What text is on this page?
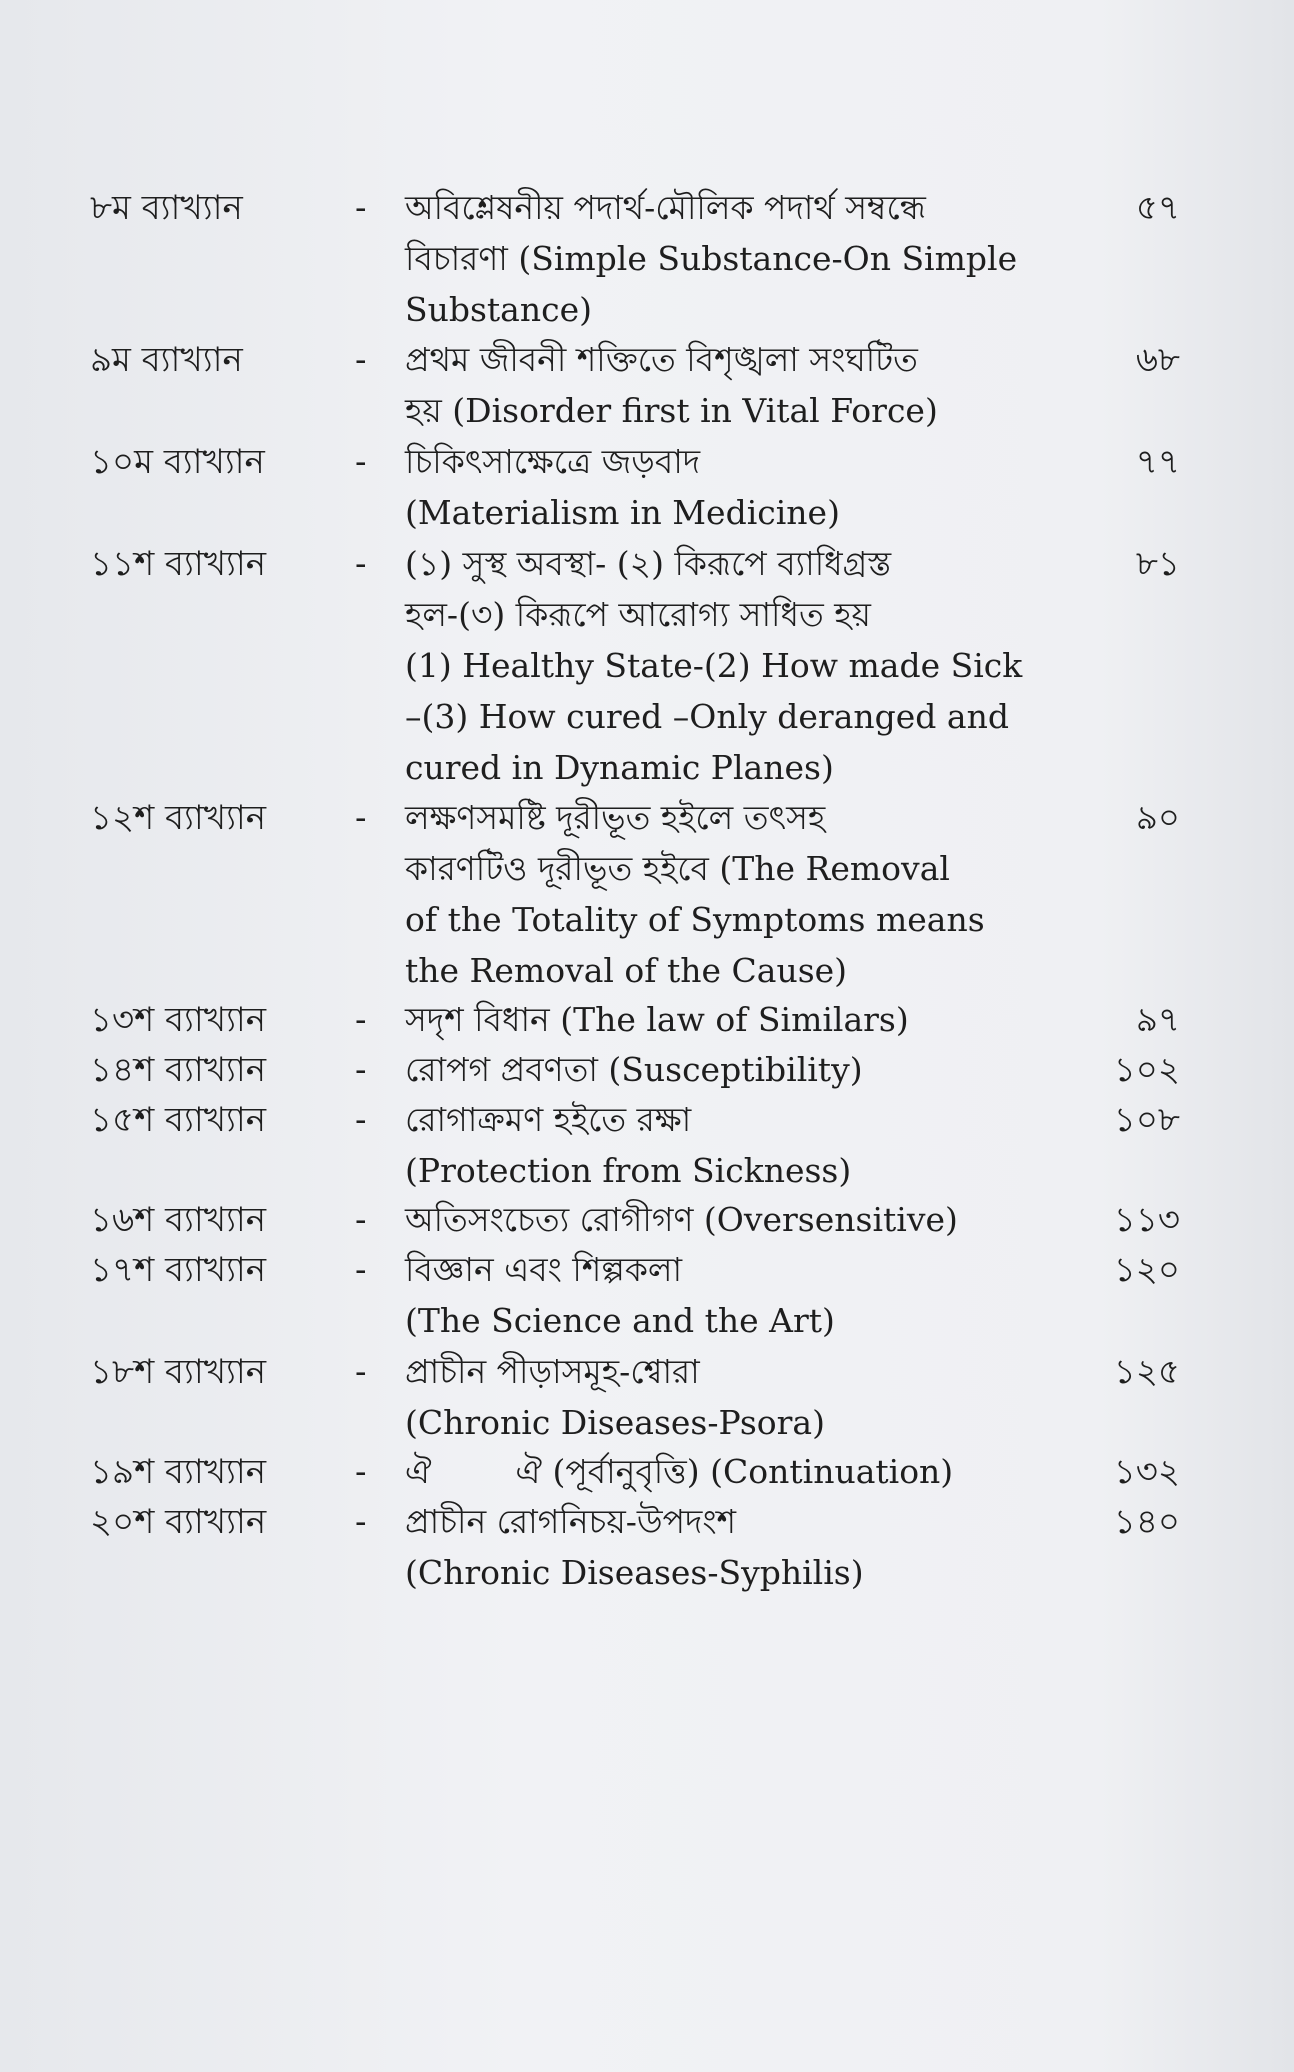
৮ম ব্যাখ্যান	- অবিশ্লেষনীয় পদার্থ-মৌলিক পদার্থ সম্বন্ধে
বিচারণা (Simple Substance-On Simple
Substance)
৫৭
৯ম ব্যাখ্যান	- প্রথম জীবনী শক্তিতে বিশৃঙ্খলা সংঘটিত
হয় (Disorder first in Vital Force)
৬৮
১০ম ব্যাখ্যান	- চিকিৎসাক্ষেত্রে জড়বাদ
(Materialism in Medicine)
৭৭
১১শ ব্যাখ্যান	- (১) সুস্থ অবস্থা- (২) কিরূপে ব্যাধিগ্রস্ত
হল-(৩) কিরূপে আরোগ্য সাধিত হয়
(1) Healthy State-(2) How made Sick
–(3) How cured –Only deranged and
cured in Dynamic Planes)
৮১
১২শ ব্যাখ্যান	- লক্ষণসমষ্টি দূরীভূত হইলে তৎসহ
কারণটিও দূরীভূত হইবে (The Removal
of the Totality of Symptoms means
the Removal of the Cause)
৯০
১৩শ ব্যাখ্যান	- সদৃশ বিধান (The law of Similars)	৯৭
১৪শ ব্যাখ্যান	- রোপগ প্রবণতা (Susceptibility)	১০২
১৫শ ব্যাখ্যান	- রোগাক্রমণ হইতে রক্ষা
(Protection from Sickness)
১০৮
১৬শ ব্যাখ্যান	- অতিসংচেত্য রোগীগণ (Oversensitive)	১১৩
১৭শ ব্যাখ্যান	- বিজ্ঞান এবং শিল্পকলা
(The Science and the Art)
১২০
১৮শ ব্যাখ্যান	- প্রাচীন পীড়াসমূহ-শ্বোরা
(Chronic Diseases-Psora)
১২৫
১৯শ ব্যাখ্যান	- ঐ        ঐ (পূর্বানুবৃত্তি) (Continuation)	১৩২
২০শ ব্যাখ্যান	- প্রাচীন রোগনিচয়-উপদংশ
(Chronic Diseases-Syphilis)
১৪০
